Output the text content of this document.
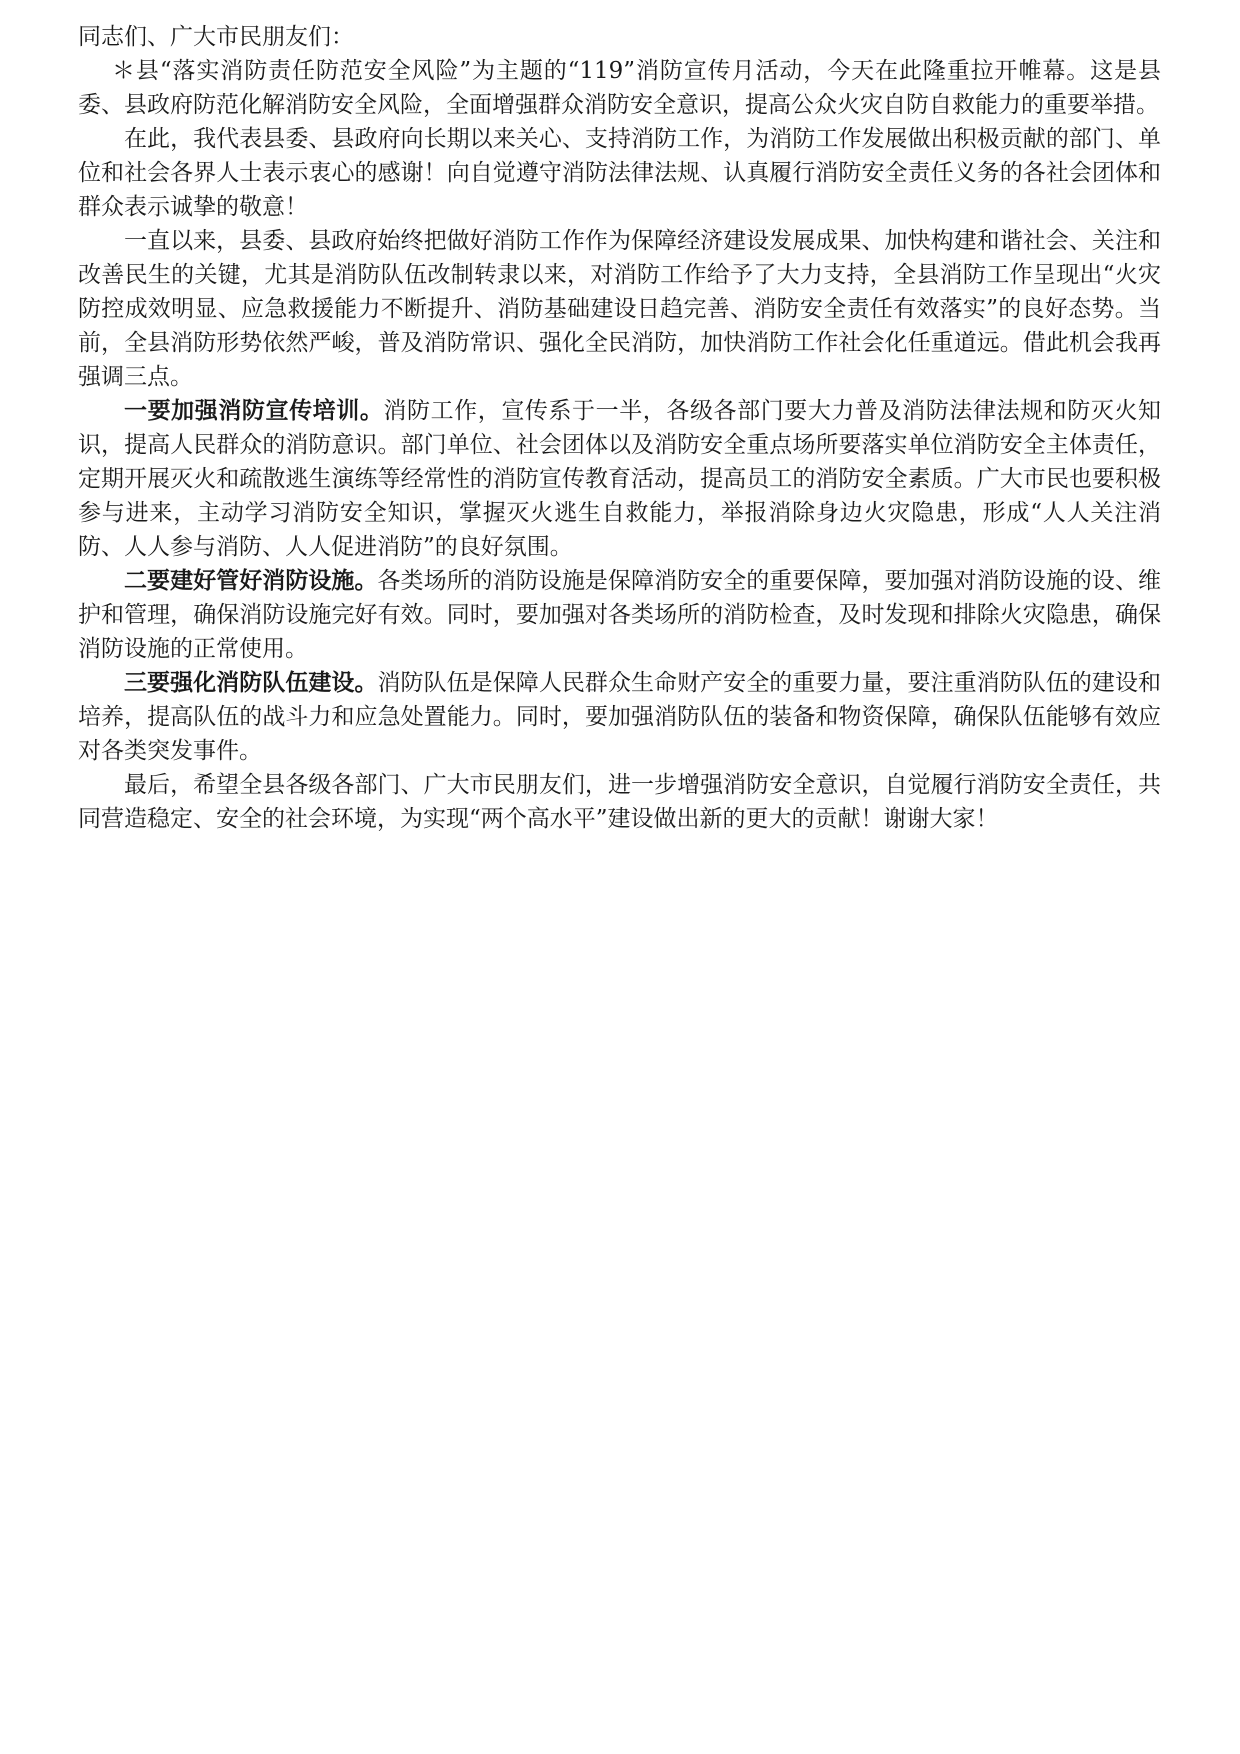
同志们、广大市民朋友们：

＊县“落实消防责任防范安全风险”为主题的“119”消防宣传月活动，今天在此隆重拉开帷幕。这是县委、县政府防范化解消防安全风险，全面增强群众消防安全意识，提高公众火灾自防自救能力的重要举措。

在此，我代表县委、县政府向长期以来关心、支持消防工作，为消防工作发展做出积极贡献的部门、单位和社会各界人士表示衷心的感谢！向自觉遵守消防法律法规、认真履行消防安全责任义务的各社会团体和群众表示诚挚的敬意！

一直以来，县委、县政府始终把做好消防工作作为保障经济建设发展成果、加快构建和谐社会、关注和改善民生的关键，尤其是消防队伍改制转隶以来，对消防工作给予了大力支持，全县消防工作呈现出“火灾防控成效明显、应急救援能力不断提升、消防基础建设日趋完善、消防安全责任有效落实”的良好态势。当前，全县消防形势依然严峻，普及消防常识、强化全民消防，加快消防工作社会化任重道远。借此机会我再强调三点。

一要加强消防宣传培训。消防工作，宣传系于一半，各级各部门要大力普及消防法律法规和防灭火知识，提高人民群众的消防意识。部门单位、社会团体以及消防安全重点场所要落实单位消防安全主体责任，定期开展灭火和疏散逃生演练等经常性的消防宣传教育活动，提高员工的消防安全素质。广大市民也要积极参与进来，主动学习消防安全知识，掌握灭火逃生自救能力，举报消除身边火灾隐患，形成“人人关注消防、人人参与消防、人人促进消防”的良好氛围。

二要建好管好消防设施。各类场所的消防设施是保障消防安全的重要保障，要加强对消防设施的设、维护和管理，确保消防设施完好有效。同时，要加强对各类场所的消防检查，及时发现和排除火灾隐患，确保消防设施的正常使用。

三要强化消防队伍建设。消防队伍是保障人民群众生命财产安全的重要力量，要注重消防队伍的建设和培养，提高队伍的战斗力和应急处置能力。同时，要加强消防队伍的装备和物资保障，确保队伍能够有效应对各类突发事件。

最后，希望全县各级各部门、广大市民朋友们，进一步增强消防安全意识，自觉履行消防安全责任，共同营造稳定、安全的社会环境，为实现“两个高水平”建设做出新的更大的贡献！谢谢大家！
